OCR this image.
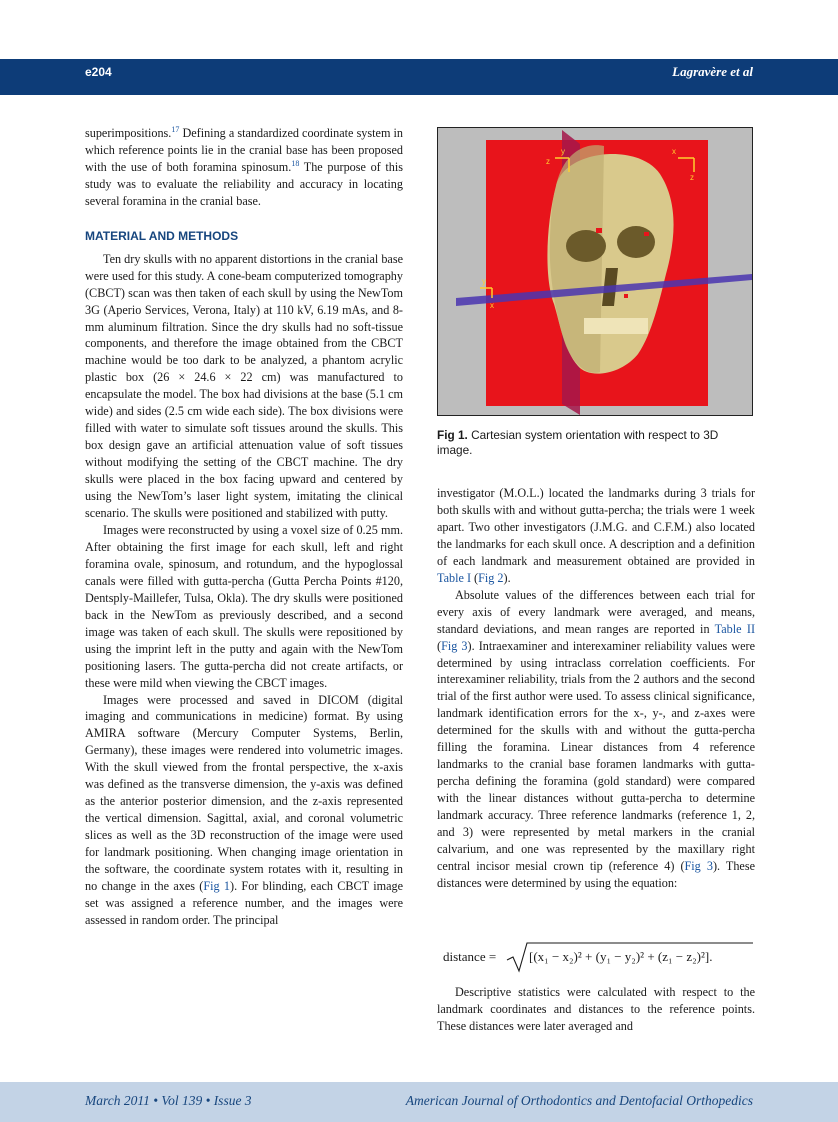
e204	Lagravère et al

superimpositions.$^{17}$ Defining a standardized coordinate system in which reference points lie in the cranial base has been proposed with the use of both foramina spinosum.$^{18}$ The purpose of this study was to evaluate the reliability and accuracy in locating several foramina in the cranial base.

MATERIAL AND METHODS

Ten dry skulls with no apparent distortions in the cranial base were used for this study. A cone-beam computerized tomography (CBCT) scan was then taken of each skull by using the NewTom 3G (Aperio Services, Verona, Italy) at 110 kV, 6.19 mAs, and 8-mm aluminum filtration. Since the dry skulls had no soft-tissue components, and therefore the image obtained from the CBCT machine would be too dark to be analyzed, a phantom acrylic plastic box (26 × 24.6 × 22 cm) was manufactured to encapsulate the model. The box had divisions at the base (5.1 cm wide) and sides (2.5 cm wide each side). The box divisions were filled with water to simulate soft tissues around the skulls. This box design gave an artificial attenuation value of soft tissues without modifying the setting of the CBCT machine. The dry skulls were placed in the box facing upward and centered by using the NewTom’s laser light system, imitating the clinical scenario. The skulls were positioned and stabilized with putty.

Images were reconstructed by using a voxel size of 0.25 mm. After obtaining the first image for each skull, left and right foramina ovale, spinosum, and rotundum, and the hypoglossal canals were filled with gutta-percha (Gutta Percha Points #120, Dentsply-Maillefer, Tulsa, Okla). The dry skulls were positioned back in the NewTom as previously described, and a second image was taken of each skull. The skulls were repositioned by using the imprint left in the putty and again with the NewTom positioning lasers. The gutta-percha did not create artifacts, or these were mild when viewing the CBCT images.

Images were processed and saved in DICOM (digital imaging and communications in medicine) format. By using AMIRA software (Mercury Computer Systems, Berlin, Germany), these images were rendered into volumetric images. With the skull viewed from the frontal perspective, the x-axis was defined as the transverse dimension, the y-axis was defined as the anterior posterior dimension, and the z-axis represented the vertical dimension. Sagittal, axial, and coronal volumetric slices as well as the 3D reconstruction of the image were used for landmark positioning. When changing image orientation in the software, the coordinate system rotates with it, resulting in no change in the axes (Fig 1). For blinding, each CBCT image set was assigned a reference number, and the images were assessed in random order. The principal

y
z
x
z
y
x
Fig 1. Cartesian system orientation with respect to 3D image.

investigator (M.O.L.) located the landmarks during 3 trials for both skulls with and without gutta-percha; the trials were 1 week apart. Two other investigators (J.M.G. and C.F.M.) also located the landmarks for each skull once. A description and a definition of each landmark and measurement obtained are provided in Table I (Fig 2).

Absolute values of the differences between each trial for every axis of every landmark were averaged, and means, standard deviations, and mean ranges are reported in Table II (Fig 3). Intraexaminer and interexaminer reliability values were determined by using intraclass correlation coefficients. For interexaminer reliability, trials from the 2 authors and the second trial of the first author were used. To assess clinical significance, landmark identification errors for the x-, y-, and z-axes were determined for the skulls with and without the gutta-percha filling the foramina. Linear distances from 4 reference landmarks to the cranial base foramen landmarks with gutta-percha defining the foramina (gold standard) were compared with the linear distances without gutta-percha to determine landmark accuracy. Three reference landmarks (reference 1, 2, and 3) were represented by metal markers in the cranial calvarium, and one was represented by the maxillary right central incisor mesial crown tip (reference 4) (Fig 3). These distances were determined by using the equation:

distance =	[(x₁ − x₂)² + (y₁ − y₂)² + (z₁ − z₂)²].

Descriptive statistics were calculated with respect to the landmark coordinates and distances to the reference points. These distances were later averaged and

March 2011 • Vol 139 • Issue 3	American Journal of Orthodontics and Dentofacial Orthopedics
